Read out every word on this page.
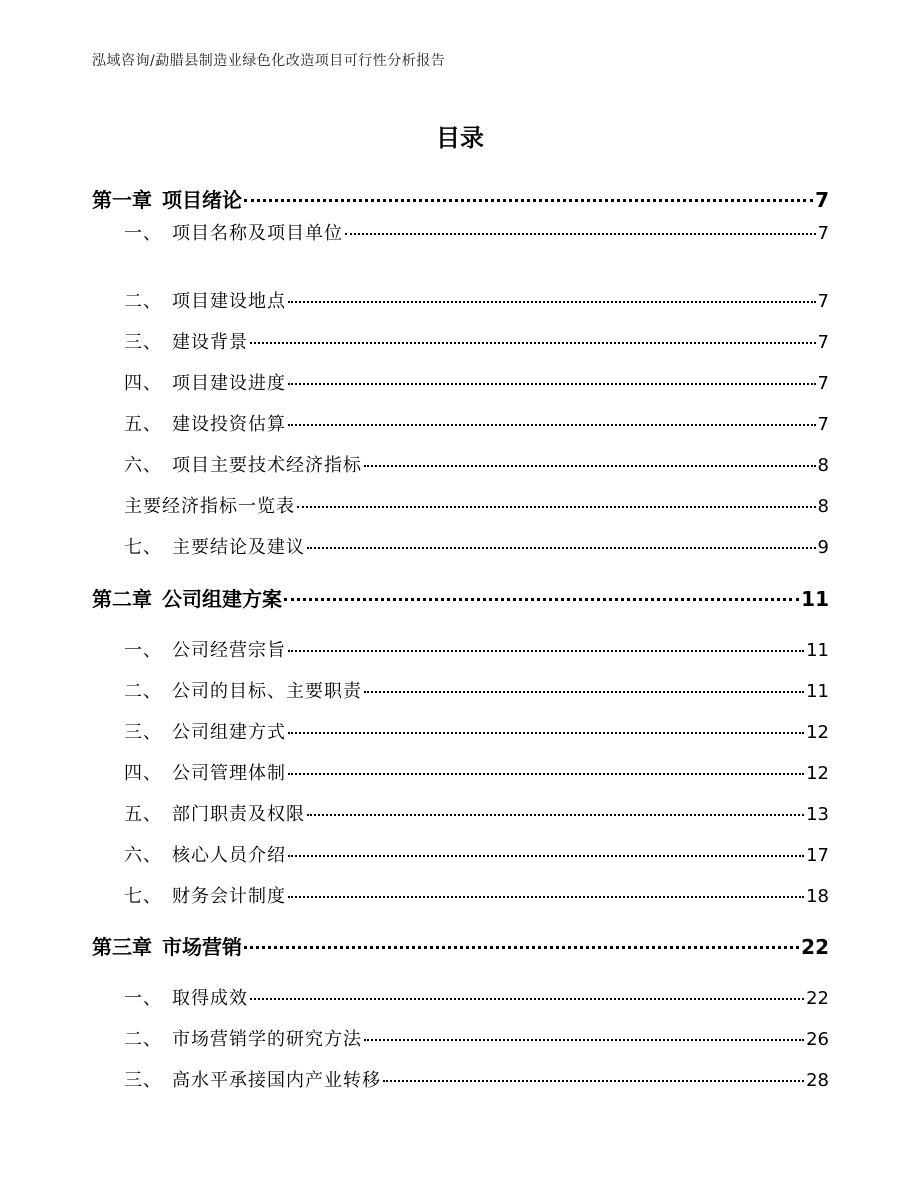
泓域咨询/勐腊县制造业绿色化改造项目可行性分析报告
目录
第一章 项目绪论	7
一、 项目名称及项目单位	7
二、 项目建设地点	7
三、 建设背景	7
四、 项目建设进度	7
五、 建设投资估算	7
六、 项目主要技术经济指标	8
主要经济指标一览表	8
七、 主要结论及建议	9
第二章 公司组建方案	11
一、 公司经营宗旨	11
二、 公司的目标、主要职责	11
三、 公司组建方式	12
四、 公司管理体制	12
五、 部门职责及权限	13
六、 核心人员介绍	17
七、 财务会计制度	18
第三章 市场营销	22
一、 取得成效	22
二、 市场营销学的研究方法	26
三、 高水平承接国内产业转移	28
